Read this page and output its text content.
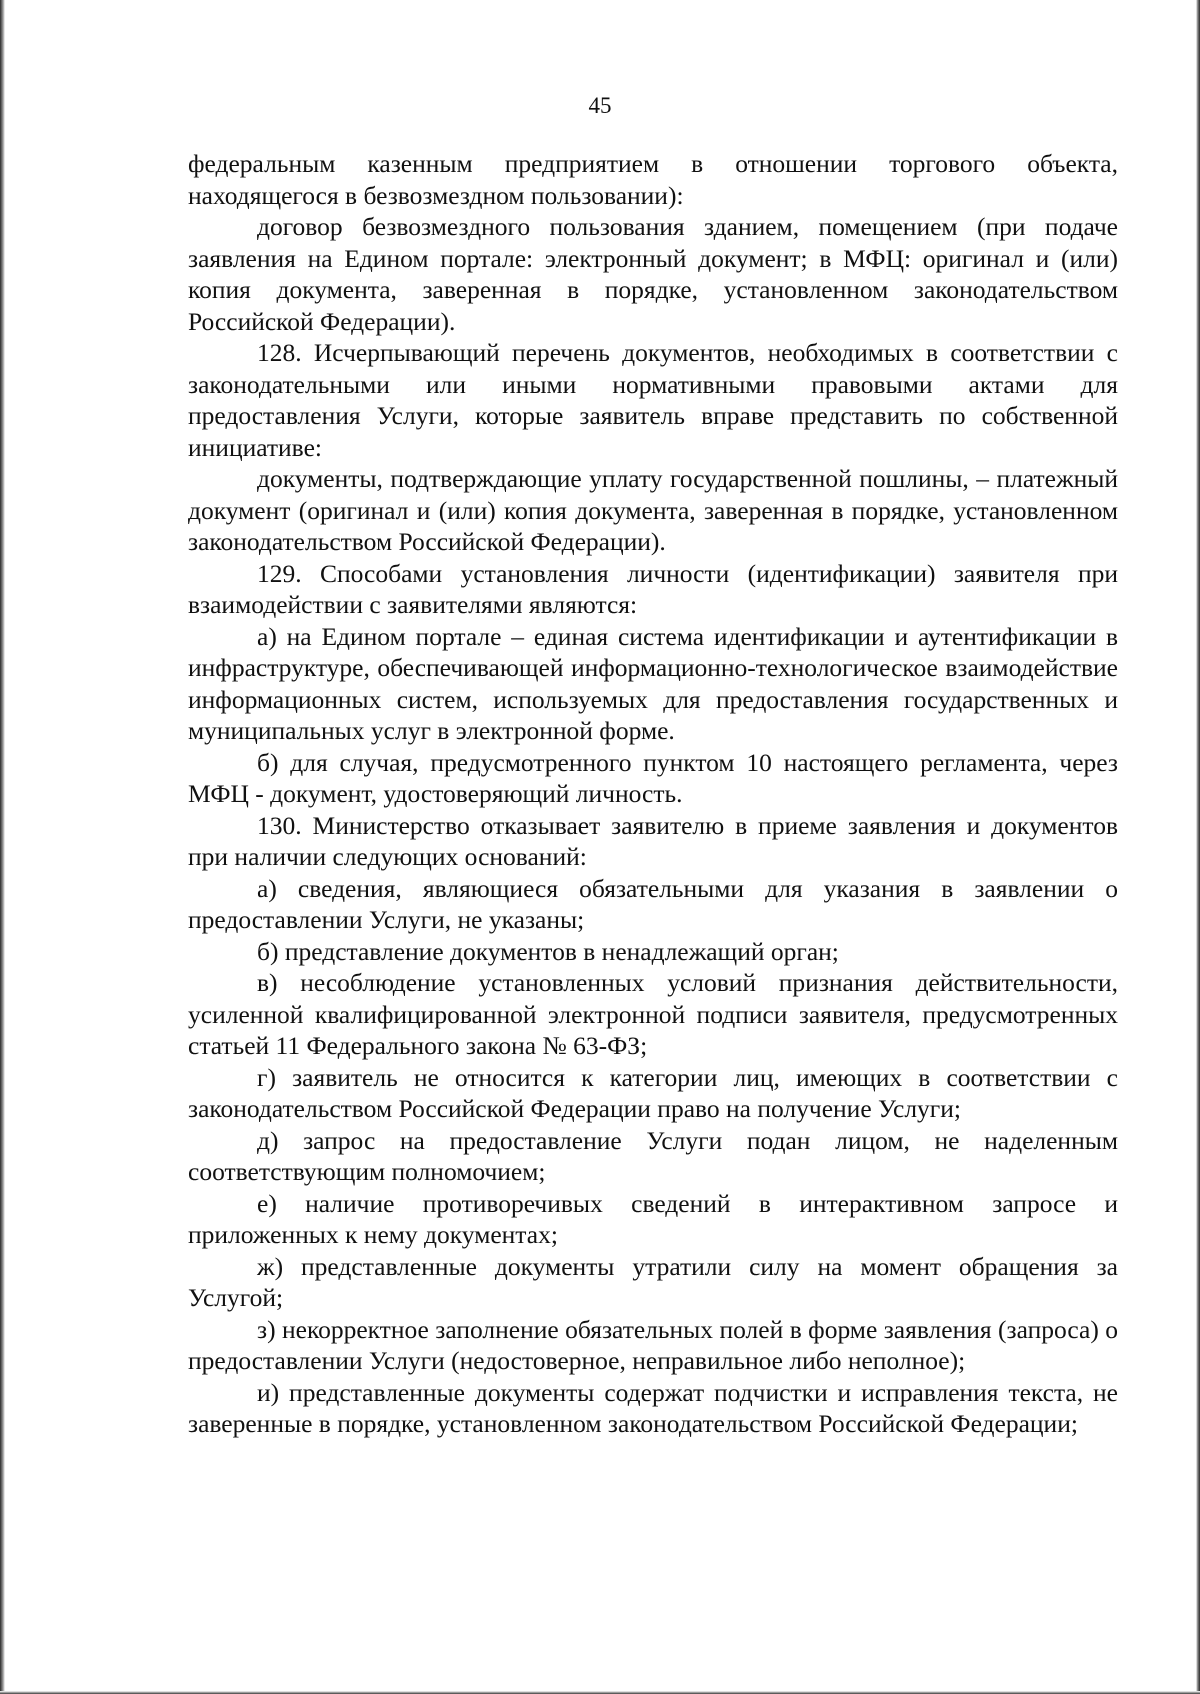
45

федеральным казенным предприятием в отношении торгового объекта, находящегося в безвозмездном пользовании):

договор безвозмездного пользования зданием, помещением (при подаче заявления на Едином портале: электронный документ; в МФЦ: оригинал и (или) копия документа, заверенная в порядке, установленном законодательством Российской Федерации).

128. Исчерпывающий перечень документов, необходимых в соответствии с законодательными или иными нормативными правовыми актами для предоставления Услуги, которые заявитель вправе представить по собственной инициативе:

документы, подтверждающие уплату государственной пошлины, – платежный документ (оригинал и (или) копия документа, заверенная в порядке, установленном законодательством Российской Федерации).

129. Способами установления личности (идентификации) заявителя при взаимодействии с заявителями являются:

а) на Едином портале – единая система идентификации и аутентификации в инфраструктуре, обеспечивающей информационно-технологическое взаимодействие информационных систем, используемых для предоставления государственных и муниципальных услуг в электронной форме.

б) для случая, предусмотренного пунктом 10 настоящего регламента, через МФЦ - документ, удостоверяющий личность.

130. Министерство отказывает заявителю в приеме заявления и документов при наличии следующих оснований:

а) сведения, являющиеся обязательными для указания в заявлении о предоставлении Услуги, не указаны;

б) представление документов в ненадлежащий орган;

в) несоблюдение установленных условий признания действительности, усиленной квалифицированной электронной подписи заявителя, предусмотренных статьей 11 Федерального закона № 63-ФЗ;

г) заявитель не относится к категории лиц, имеющих в соответствии с законодательством Российской Федерации право на получение Услуги;

д) запрос на предоставление Услуги подан лицом, не наделенным соответствующим полномочием;

е) наличие противоречивых сведений в интерактивном запросе и приложенных к нему документах;

ж) представленные документы утратили силу на момент обращения за Услугой;

з) некорректное заполнение обязательных полей в форме заявления (запроса) о предоставлении Услуги (недостоверное, неправильное либо неполное);

и) представленные документы содержат подчистки и исправления текста, не заверенные в порядке, установленном законодательством Российской Федерации;
